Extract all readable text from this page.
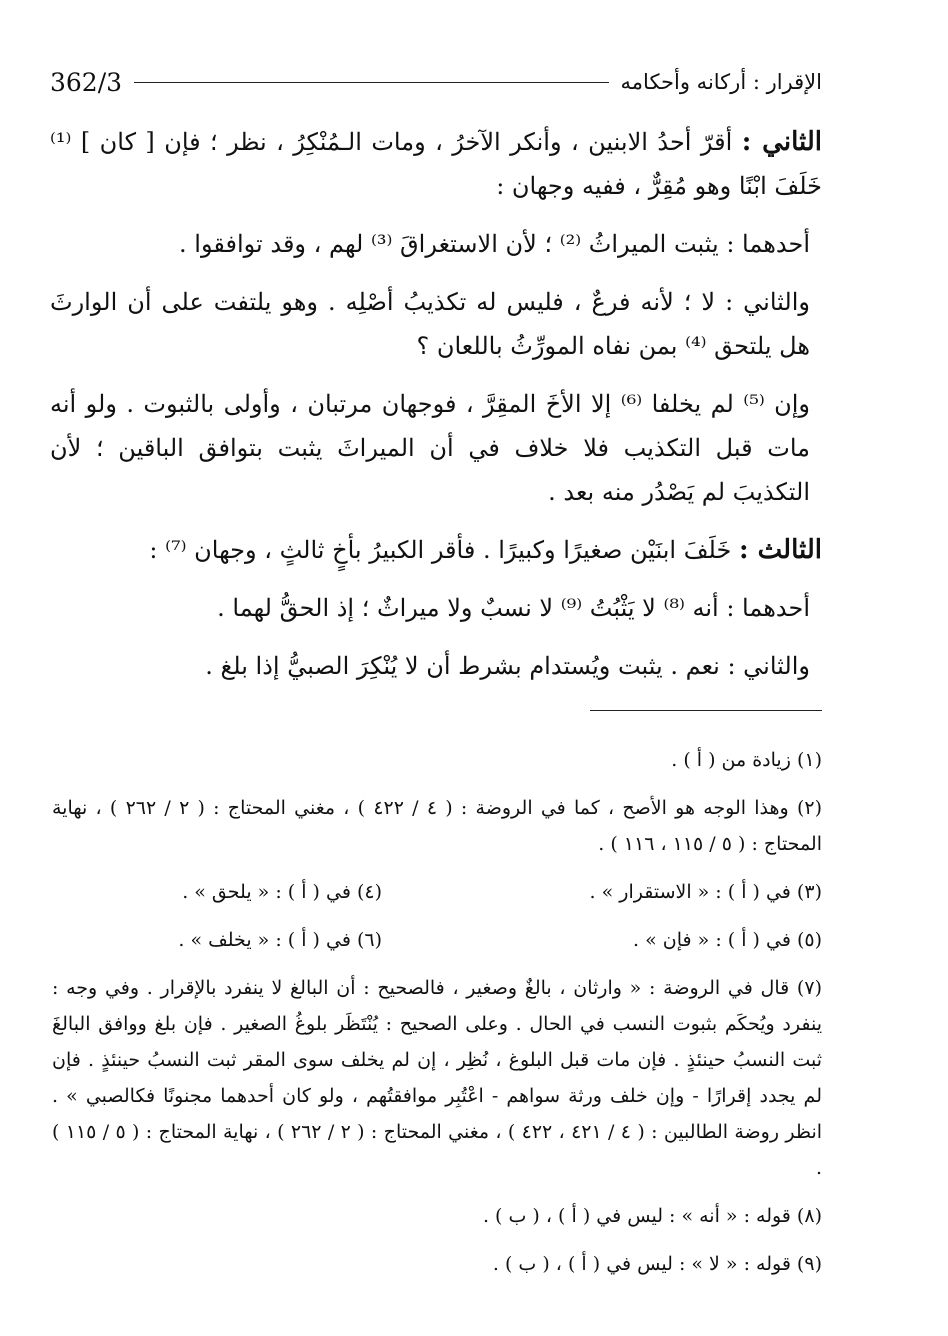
362/3	الإقرار : أركانه وأحكامه

الثاني : أقرّ أحدُ الابنين ، وأنكر الآخرُ ، ومات الـمُنْكِرُ ، نظر ؛ فإن [ كان ] ⁽¹⁾ خَلَفَ ابْنًا وهو مُقِرٌّ ، ففيه وجهان :

أحدهما : يثبت الميراثُ ⁽²⁾ ؛ لأن الاستغراقَ ⁽³⁾ لهم ، وقد توافقوا .

والثاني : لا ؛ لأنه فرعٌ ، فليس له تكذيبُ أصْلِه . وهو يلتفت على أن الوارثَ هل يلتحق ⁽⁴⁾ بمن نفاه المورِّثُ باللعان ؟

وإن ⁽⁵⁾ لم يخلفا ⁽⁶⁾ إلا الأخَ المقِرَّ ، فوجهان مرتبان ، وأولى بالثبوت . ولو أنه مات قبل التكذيب فلا خلاف في أن الميراثَ يثبت بتوافق الباقين ؛ لأن التكذيبَ لم يَصْدُر منه بعد .

الثالث : خَلَفَ ابنَيْن صغيرًا وكبيرًا . فأقر الكبيرُ بأخٍ ثالثٍ ، وجهان ⁽⁷⁾ :

أحدهما : أنه ⁽⁸⁾ لا يَثْبُتُ ⁽⁹⁾ لا نسبٌ ولا ميراثٌ ؛ إذ الحقُّ لهما .

والثاني : نعم . يثبت ويُستدام بشرط أن لا يُنْكِرَ الصبيُّ إذا بلغ .

(١) زيادة من ( أ ) .

(٢) وهذا الوجه هو الأصح ، كما في الروضة : ( ٤ / ٤٢٢ ) ، مغني المحتاج : ( ٢ / ٢٦٢ ) ، نهاية المحتاج : ( ٥ / ١١٥ ، ١١٦ ) .

(٣) في ( أ ) : « الاستقرار » .
(٤) في ( أ ) : « يلحق » .
(٥) في ( أ ) : « فإن » .
(٦) في ( أ ) : « يخلف » .

(٧) قال في الروضة : « وارثان ، بالغٌ وصغير ، فالصحيح : أن البالغ لا ينفرد بالإقرار . وفي وجه : ينفرد ويُحكَم بثبوت النسب في الحال . وعلى الصحيح : يُنْتَظَر بلوغُ الصغير . فإن بلغ ووافق البالغَ ثبت النسبُ حينئذٍ . فإن مات قبل البلوغ ، نُظِر ، إن لم يخلف سوى المقر ثبت النسبُ حينئذٍ . فإن لم يجدد إقرارًا - وإن خلف ورثة سواهم - اعْتُبِر موافقتُهم ، ولو كان أحدهما مجنونًا فكالصبي » . انظر روضة الطالبين : ( ٤ / ٤٢١ ، ٤٢٢ ) ، مغني المحتاج : ( ٢ / ٢٦٢ ) ، نهاية المحتاج : ( ٥ / ١١٥ ) .

(٨) قوله : « أنه » : ليس في ( أ ) ، ( ب ) .

(٩) قوله : « لا » : ليس في ( أ ) ، ( ب ) .
